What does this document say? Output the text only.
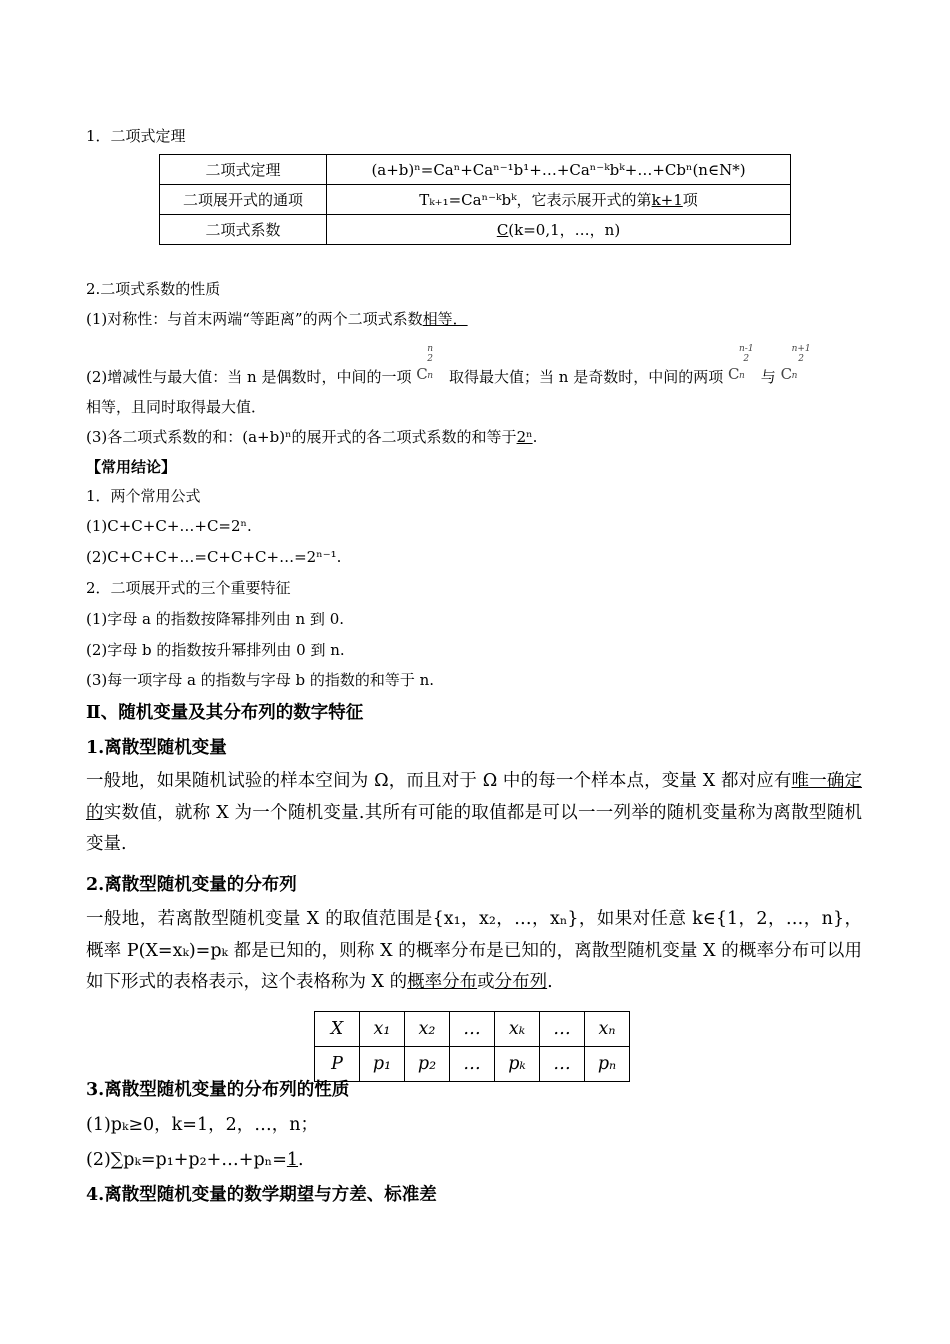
1．二项式定理
二项式定理	(a+b)ⁿ=Caⁿ+Caⁿ⁻¹b¹+…+Caⁿ⁻ᵏbᵏ+…+Cbⁿ(n∈N*)
二项展开式的通项	Tₖ₊₁=Caⁿ⁻ᵏbᵏ，它表示展开式的第k+1项
二项式系数	C(k=0,1，…，n)
2.二项式系数的性质
(1)对称性：与首末两端“等距离”的两个二项式系数相等．
(2)增减性与最大值：当 n 是偶数时，中间的一项 C n
n
2
取得最大值；当 n 是奇数时，中间的两项 C n
n-1
2
与 C n
n+1
2
相等，且同时取得最大值．
(3)各二项式系数的和：(a+b)ⁿ的展开式的各二项式系数的和等于2ⁿ.
【常用结论】
1．两个常用公式
(1)C+C+C+…+C=2ⁿ.
(2)C+C+C+…=C+C+C+…=2ⁿ⁻¹.
2．二项展开式的三个重要特征
(1)字母 a 的指数按降幂排列由 n 到 0.
(2)字母 b 的指数按升幂排列由 0 到 n.
(3)每一项字母 a 的指数与字母 b 的指数的和等于 n.
Ⅱ、随机变量及其分布列的数字特征
1.离散型随机变量
一般地，如果随机试验的样本空间为 Ω，而且对于 Ω 中的每一个样本点，变量 X 都对应有唯一确定的实数值，就称 X 为一个随机变量.其所有可能的取值都是可以一一列举的随机变量称为离散型随机变量.
2.离散型随机变量的分布列
一般地，若离散型随机变量 X 的取值范围是{x₁，x₂，…，xₙ}，如果对任意 k∈{1，2，…，n}，概率 P(X=xₖ)=pₖ 都是已知的，则称 X 的概率分布是已知的，离散型随机变量 X 的概率分布可以用如下形式的表格表示，这个表格称为 X 的概率分布或分布列.
X	x₁	x₂	…	xₖ	…	xₙ
P	p₁	p₂	…	pₖ	…	pₙ
3.离散型随机变量的分布列的性质
(1)pₖ≥0，k=1，2，…，n；
(2)∑pₖ=p₁+p₂+…+pₙ=1.
4.离散型随机变量的数学期望与方差、标准差
